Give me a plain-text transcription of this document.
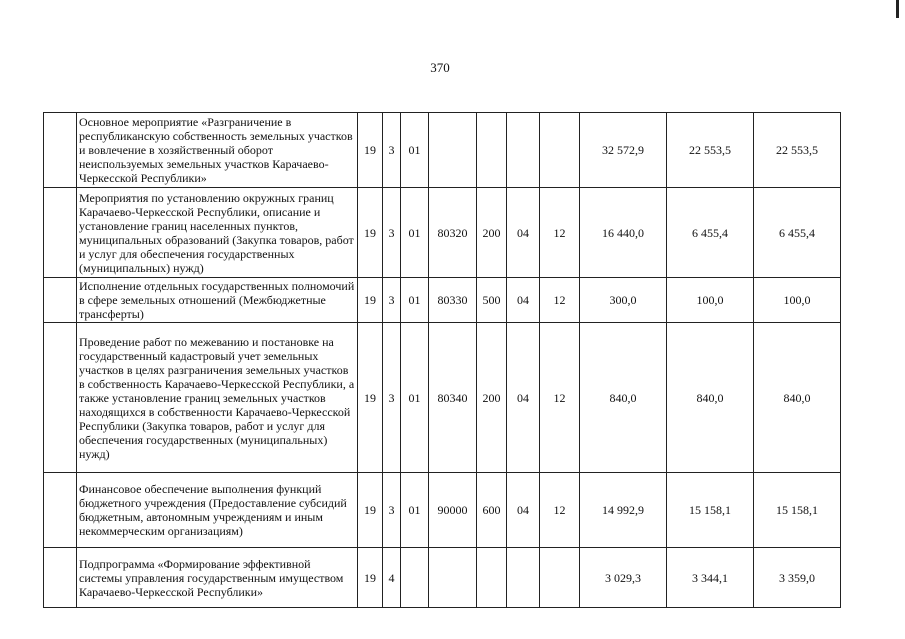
370
	Основное мероприятие «Разграничение в республиканскую собственность земельных участков и вовлечение в хозяйственный оборот неиспользуемых земельных участков Карачаево-Черкесской Республики»	19	3	01					32 572,9	22 553,5	22 553,5
	Мероприятия по установлению окружных границ Карачаево-Черкесской Республики, описание и установление границ населенных пунктов, муниципальных образований (Закупка товаров, работ и услуг для обеспечения государственных (муниципальных) нужд)	19	3	01	80320	200	04	12	16 440,0	6 455,4	6 455,4
	Исполнение отдельных государственных полномочий в сфере земельных отношений (Межбюджетные трансферты)	19	3	01	80330	500	04	12	300,0	100,0	100,0
	Проведение работ по межеванию и постановке на государственный кадастровый учет земельных участков в целях разграничения земельных участков в собственность Карачаево-Черкесской Республики, а также установление границ земельных участков находящихся в собственности Карачаево-Черкесской Республики (Закупка товаров, работ и услуг для обеспечения государственных (муниципальных) нужд)	19	3	01	80340	200	04	12	840,0	840,0	840,0
	Финансовое обеспечение выполнения функций бюджетного учреждения (Предоставление субсидий бюджетным, автономным учреждениям и иным некоммерческим организациям)	19	3	01	90000	600	04	12	14 992,9	15 158,1	15 158,1
	Подпрограмма «Формирование эффективной системы управления государственным имуществом Карачаево-Черкесской Республики»	19	4						3 029,3	3 344,1	3 359,0
